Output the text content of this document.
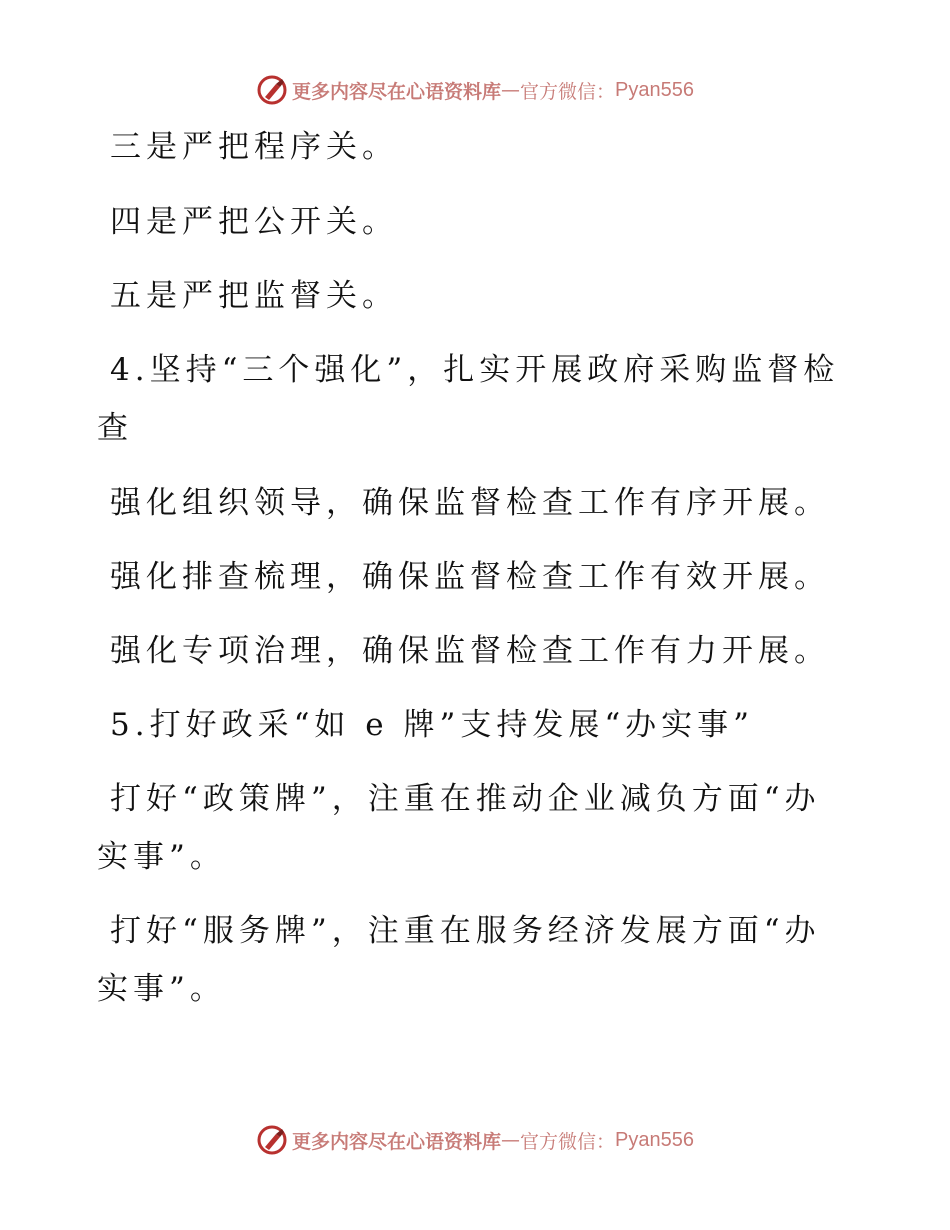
更多内容尽在心语资料库 — 官方微信： Pyan556
三是严把程序关。
四是严把公开关。
五是严把监督关。
4.坚持“三个强化”，扎实开展政府采购监督检
查
强化组织领导，确保监督检查工作有序开展。
强化排查梳理，确保监督检查工作有效开展。
强化专项治理，确保监督检查工作有力开展。
5.打好政采“如 e 牌”支持发展“办实事”
打好“政策牌”，注重在推动企业减负方面“办
实事”。
打好“服务牌”，注重在服务经济发展方面“办
实事”。
更多内容尽在心语资料库 — 官方微信： Pyan556
